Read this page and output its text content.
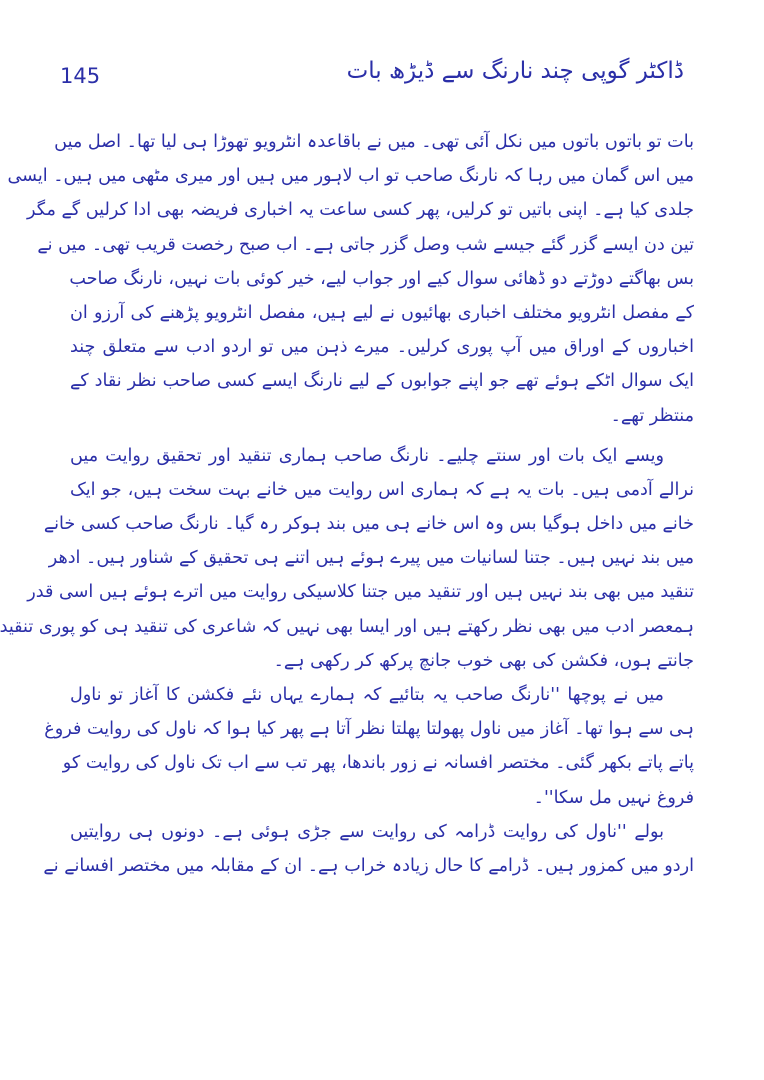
145	ڈاکٹر گوپی چند نارنگ سے ڈیڑھ بات
بات تو باتوں باتوں میں نکل آئی تھی۔ میں نے باقاعدہ انٹرویو تھوڑا ہی لیا تھا۔ اصل میں
میں اس گمان میں رہا کہ نارنگ صاحب تو اب لاہور میں ہیں اور میری مٹھی میں ہیں۔ ایسی
جلدی کیا ہے۔ اپنی باتیں تو کرلیں، پھر کسی ساعت یہ اخباری فریضہ بھی ادا کرلیں گے مگر
تین دن ایسے گزر گئے جیسے شب وصل گزر جاتی ہے۔ اب صبح رخصت قریب تھی۔ میں نے
بس بھاگتے دوڑتے دو ڈھائی سوال کیے اور جواب لیے، خیر کوئی بات نہیں، نارنگ صاحب
کے مفصل انٹرویو مختلف اخباری بھائیوں نے لیے ہیں، مفصل انٹرویو پڑھنے کی آرزو ان
اخباروں کے اوراق میں آپ پوری کرلیں۔ میرے ذہن میں تو اردو ادب سے متعلق چند
ایک سوال اٹکے ہوئے تھے جو اپنے جوابوں کے لیے نارنگ ایسے کسی صاحب نظر نقاد کے
منتظر تھے۔
ویسے ایک بات اور سنتے چلیے۔ نارنگ صاحب ہماری تنقید اور تحقیق روایت میں
نرالے آدمی ہیں۔ بات یہ ہے کہ ہماری اس روایت میں خانے بہت سخت ہیں، جو ایک
خانے میں داخل ہوگیا بس وہ اس خانے ہی میں بند ہوکر رہ گیا۔ نارنگ صاحب کسی خانے
میں بند نہیں ہیں۔ جتنا لسانیات میں پیرے ہوئے ہیں اتنے ہی تحقیق کے شناور ہیں۔ ادھر
تنقید میں بھی بند نہیں ہیں اور تنقید میں جتنا کلاسیکی روایت میں اترے ہوئے ہیں اسی قدر
ہمعصر ادب میں بھی نظر رکھتے ہیں اور ایسا بھی نہیں کہ شاعری کی تنقید ہی کو پوری تنقید
جانتے ہوں، فکشن کی بھی خوب جانچ پرکھ کر رکھی ہے۔
میں نے پوچھا ''نارنگ صاحب یہ بتائیے کہ ہمارے یہاں نئے فکشن کا آغاز تو ناول
ہی سے ہوا تھا۔ آغاز میں ناول پھولتا پھلتا نظر آتا ہے پھر کیا ہوا کہ ناول کی روایت فروغ
پاتے پاتے بکھر گئی۔ مختصر افسانہ نے زور باندھا، پھر تب سے اب تک ناول کی روایت کو
فروغ نہیں مل سکا''۔
بولے ''ناول کی روایت ڈرامہ کی روایت سے جڑی ہوئی ہے۔ دونوں ہی روایتیں
اردو میں کمزور ہیں۔ ڈرامے کا حال زیادہ خراب ہے۔ ان کے مقابلہ میں مختصر افسانے نے
